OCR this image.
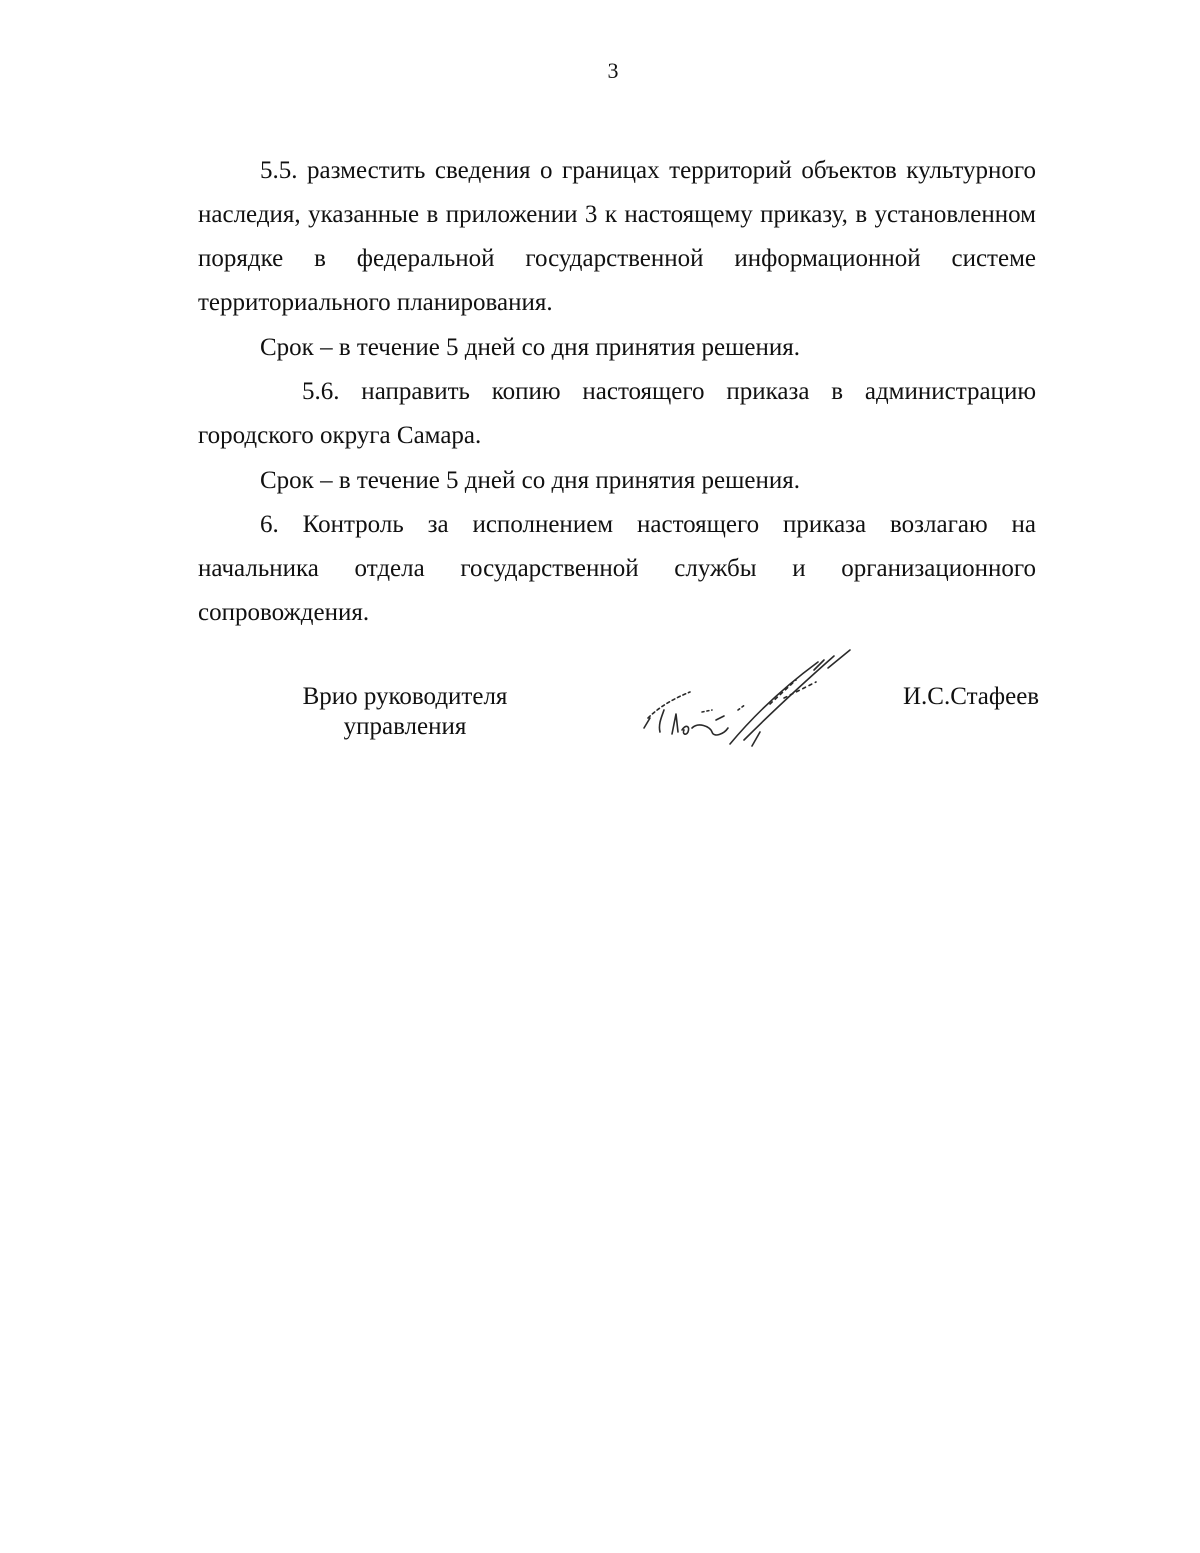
3

5.5. разместить сведения о границах территорий объектов культурного наследия, указанные в приложении 3 к настоящему приказу, в установленном порядке в федеральной государственной информационной системе территориального планирования.

Срок – в течение 5 дней со дня принятия решения.

5.6. направить копию настоящего приказа в администрацию городского округа Самара.

Срок – в течение 5 дней со дня принятия решения.

6. Контроль за исполнением настоящего приказа возлагаю на начальника отдела государственной службы и организационного сопровождения.

Врио руководителя
управления
И.С.Стафеев
